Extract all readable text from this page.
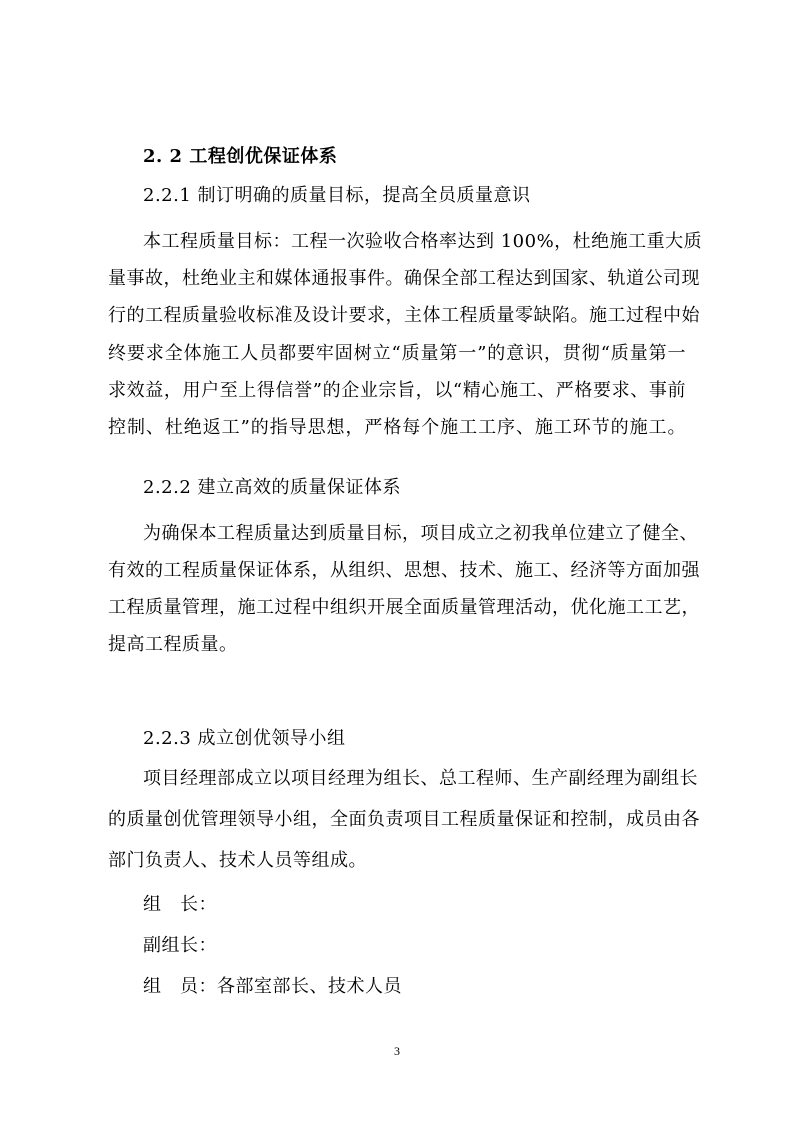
2. 2 工程创优保证体系
2.2.1 制订明确的质量目标，提高全员质量意识
本工程质量目标：工程一次验收合格率达到 100%，杜绝施工重大质
量事故，杜绝业主和媒体通报事件。确保全部工程达到国家、轨道公司现
行的工程质量验收标准及设计要求，主体工程质量零缺陷。施工过程中始
终要求全体施工人员都要牢固树立“质量第一”的意识，贯彻“质量第一
求效益，用户至上得信誉”的企业宗旨，以“精心施工、严格要求、事前
控制、杜绝返工”的指导思想，严格每个施工工序、施工环节的施工。
2.2.2 建立高效的质量保证体系
为确保本工程质量达到质量目标，项目成立之初我单位建立了健全、
有效的工程质量保证体系，从组织、思想、技术、施工、经济等方面加强
工程质量管理，施工过程中组织开展全面质量管理活动，优化施工工艺，
提高工程质量。
2.2.3 成立创优领导小组
项目经理部成立以项目经理为组长、总工程师、生产副经理为副组长
的质量创优管理领导小组，全面负责项目工程质量保证和控制，成员由各
部门负责人、技术人员等组成。
组　长：
副组长：
组　员：各部室部长、技术人员
3
